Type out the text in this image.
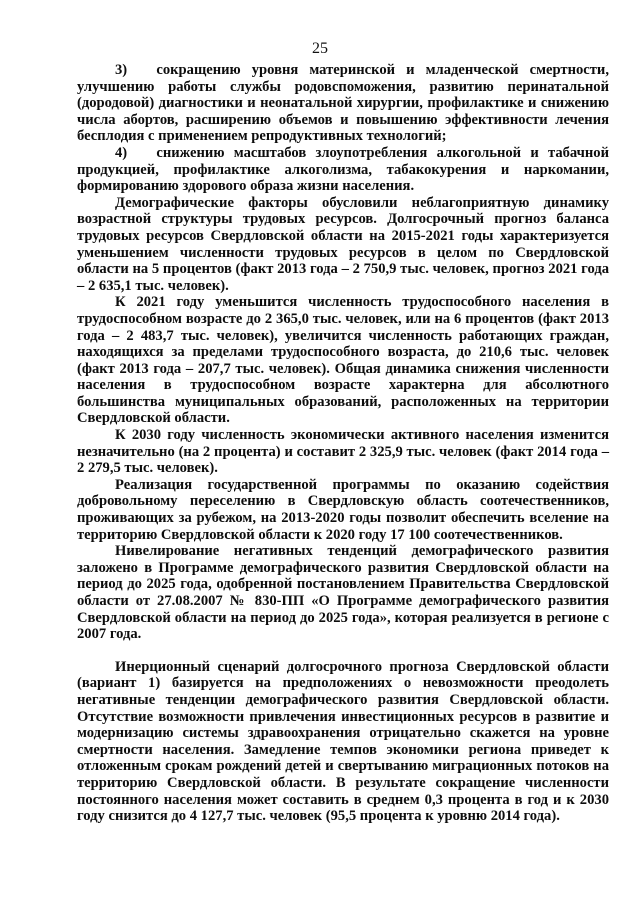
25

3)  сокращению уровня материнской и младенческой смертности, улучшению работы службы родовспоможения, развитию перинатальной (дородовой) диагностики и неонатальной хирургии, профилактике и снижению числа абортов, расширению объемов и повышению эффективности лечения бесплодия с применением репродуктивных технологий;

4)  снижению масштабов злоупотребления алкогольной и табачной продукцией, профилактике алкоголизма, табакокурения и наркомании, формированию здорового образа жизни населения.

Демографические факторы обусловили неблагоприятную динамику возрастной структуры трудовых ресурсов. Долгосрочный прогноз баланса трудовых ресурсов Свердловской области на 2015-2021 годы характеризуется уменьшением численности трудовых ресурсов в целом по Свердловской области на 5 процентов (факт 2013 года – 2 750,9 тыс. человек, прогноз 2021 года – 2 635,1 тыс. человек).

К 2021 году уменьшится численность трудоспособного населения в трудоспособном возрасте до 2 365,0 тыс. человек, или на 6 процентов (факт 2013 года – 2 483,7 тыс. человек), увеличится численность работающих граждан, находящихся за пределами трудоспособного возраста, до 210,6 тыс. человек (факт 2013 года – 207,7 тыс. человек). Общая динамика снижения численности населения в трудоспособном возрасте характерна для абсолютного большинства муниципальных образований, расположенных на территории Свердловской области.

К 2030 году численность экономически активного населения изменится незначительно (на 2 процента) и составит 2 325,9 тыс. человек (факт 2014 года – 2 279,5 тыс. человек).

Реализация государственной программы по оказанию содействия добровольному переселению в Свердловскую область соотечественников, проживающих за рубежом, на 2013-2020 годы позволит обеспечить вселение на территорию Свердловской области к 2020 году 17 100 соотечественников.

Нивелирование негативных тенденций демографического развития заложено в Программе демографического развития Свердловской области на период до 2025 года, одобренной постановлением Правительства Свердловской области от 27.08.2007 № 830-ПП «О Программе демографического развития Свердловской области на период до 2025 года», которая реализуется в регионе с 2007 года.

Инерционный сценарий долгосрочного прогноза Свердловской области (вариант 1) базируется на предположениях о невозможности преодолеть негативные тенденции демографического развития Свердловской области. Отсутствие возможности привлечения инвестиционных ресурсов в развитие и модернизацию системы здравоохранения отрицательно скажется на уровне смертности населения. Замедление темпов экономики региона приведет к отложенным срокам рождений детей и свертыванию миграционных потоков на территорию Свердловской области. В результате сокращение численности постоянного населения может составить в среднем 0,3 процента в год и к 2030 году снизится до 4 127,7 тыс. человек (95,5 процента к уровню 2014 года).
